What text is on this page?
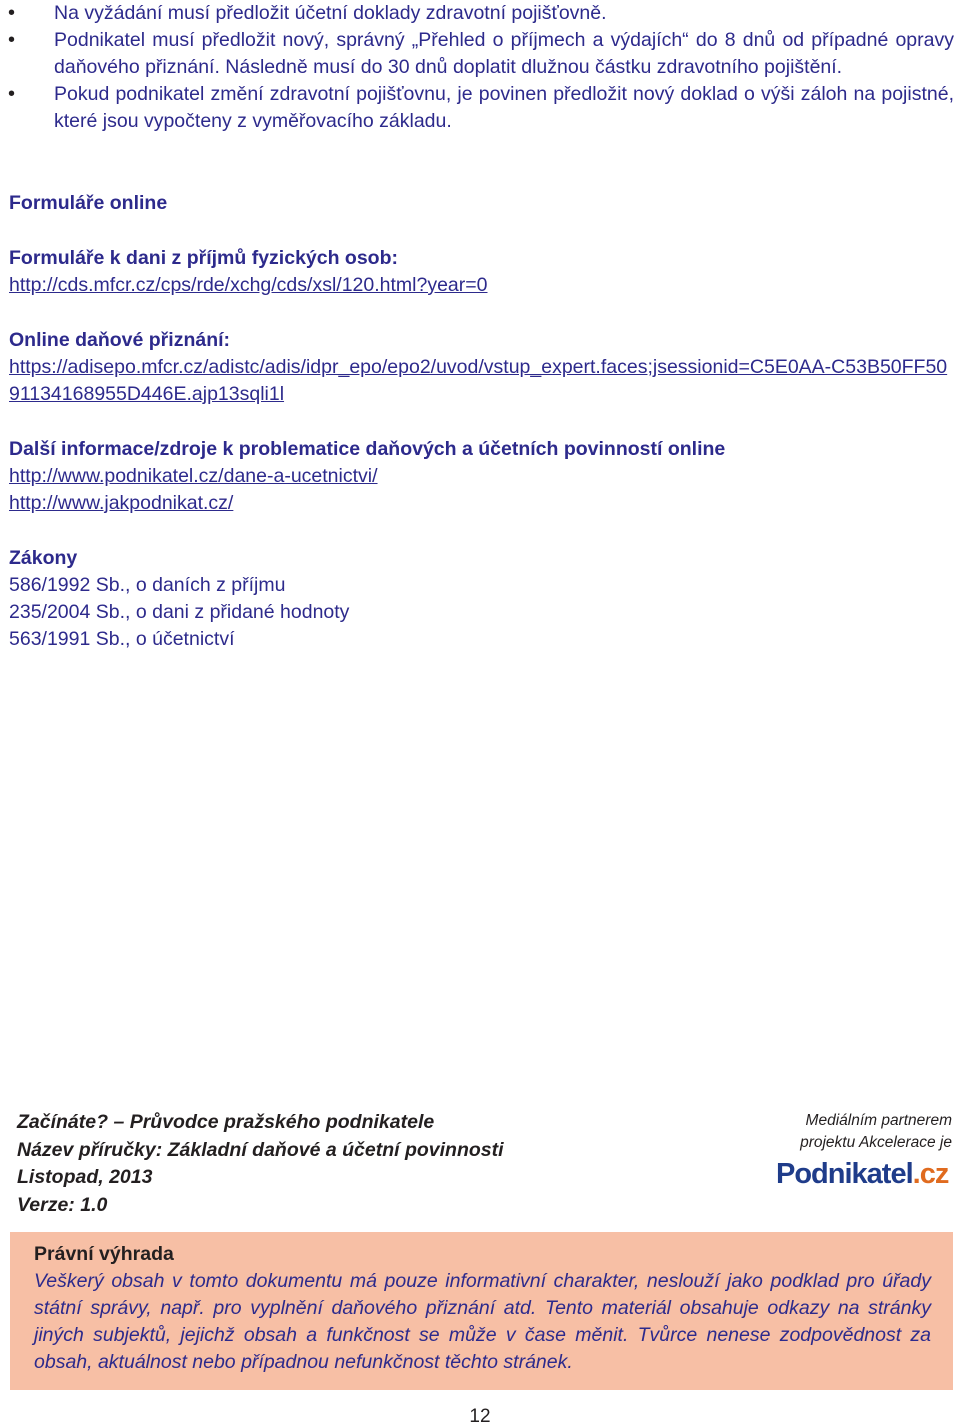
• Na vyžádání musí předložit účetní doklady zdravotní pojišťovně.
• Podnikatel musí předložit nový, správný „Přehled o příjmech a výdajích“ do 8 dnů od případné opravy daňového přiznání. Následně musí do 30 dnů doplatit dlužnou částku zdravotního pojištění.
• Pokud podnikatel změní zdravotní pojišťovnu, je povinen předložit nový doklad o výši záloh na pojistné, které jsou vypočteny z vyměřovacího základu.
Formuláře online
Formuláře k dani z příjmů fyzických osob:
http://cds.mfcr.cz/cps/rde/xchg/cds/xsl/120.html?year=0
Online daňové přiznání:
https://adisepo.mfcr.cz/adistc/adis/idpr_epo/epo2/uvod/vstup_expert.faces;jsessionid=C5E0AA-C53B50FF5091134168955D446E.ajp13sqli1l
Další informace/zdroje k problematice daňových a účetních povinností online
http://www.podnikatel.cz/dane-a-ucetnictvi/
http://www.jakpodnikat.cz/
Zákony
586/1992 Sb., o daních z příjmu
235/2004 Sb., o dani z přidané hodnoty
563/1991 Sb., o účetnictví
Začínáte? – Průvodce pražského podnikatele
Název příručky: Základní daňové a účetní povinnosti
Listopad, 2013
Verze: 1.0
Mediálním partnerem
projektu Akcelerace je
Podnikatel.cz
Právní výhrada
Veškerý obsah v tomto dokumentu má pouze informativní charakter, neslouží jako podklad pro úřady státní správy, např. pro vyplnění daňového přiznání atd. Tento materiál obsahuje odkazy na stránky jiných subjektů, jejichž obsah a funkčnost se může v čase měnit. Tvůrce nenese zodpovědnost za obsah, aktuálnost nebo případnou nefunkčnost těchto stránek.
12
